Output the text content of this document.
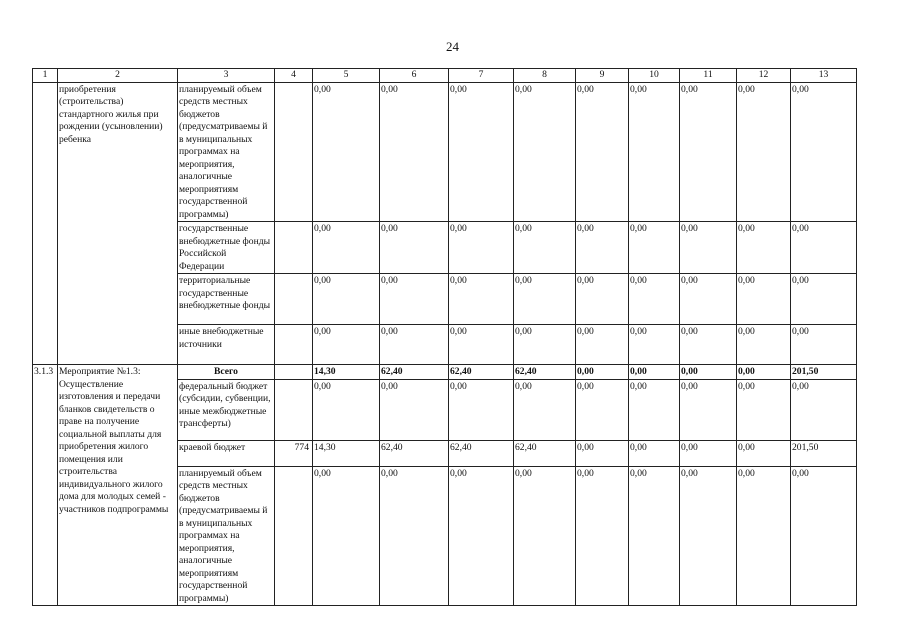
24
1	2	3	4	5	6	7	8	9	10	11	12	13
	приобретения (строительства) стандартного жилья при рождении (усыновлении) ребенка	планируемый объем средств местных бюджетов (предусматриваемы й в муниципальных программах на мероприятия, аналогичные мероприятиям государственной программы)		0,00	0,00	0,00	0,00	0,00	0,00	0,00	0,00	0,00
		государственные внебюджетные фонды Российской Федерации		0,00	0,00	0,00	0,00	0,00	0,00	0,00	0,00	0,00
		территориальные государственные внебюджетные фонды		0,00	0,00	0,00	0,00	0,00	0,00	0,00	0,00	0,00
		иные внебюджетные источники		0,00	0,00	0,00	0,00	0,00	0,00	0,00	0,00	0,00
3.1.3	Мероприятие №1.3: Осуществление изготовления и передачи бланков свидетельств о праве на получение социальной выплаты для приобретения жилого помещения или строительства индивидуального жилого дома для молодых семей - участников подпрограммы	Всего		14,30	62,40	62,40	62,40	0,00	0,00	0,00	0,00	201,50
		федеральный бюджет (субсидии, субвенции, иные межбюджетные трансферты)		0,00	0,00	0,00	0,00	0,00	0,00	0,00	0,00	0,00
		краевой бюджет	774	14,30	62,40	62,40	62,40	0,00	0,00	0,00	0,00	201,50
		планируемый объем средств местных бюджетов (предусматриваемы й в муниципальных программах на мероприятия, аналогичные мероприятиям государственной программы)		0,00	0,00	0,00	0,00	0,00	0,00	0,00	0,00	0,00
